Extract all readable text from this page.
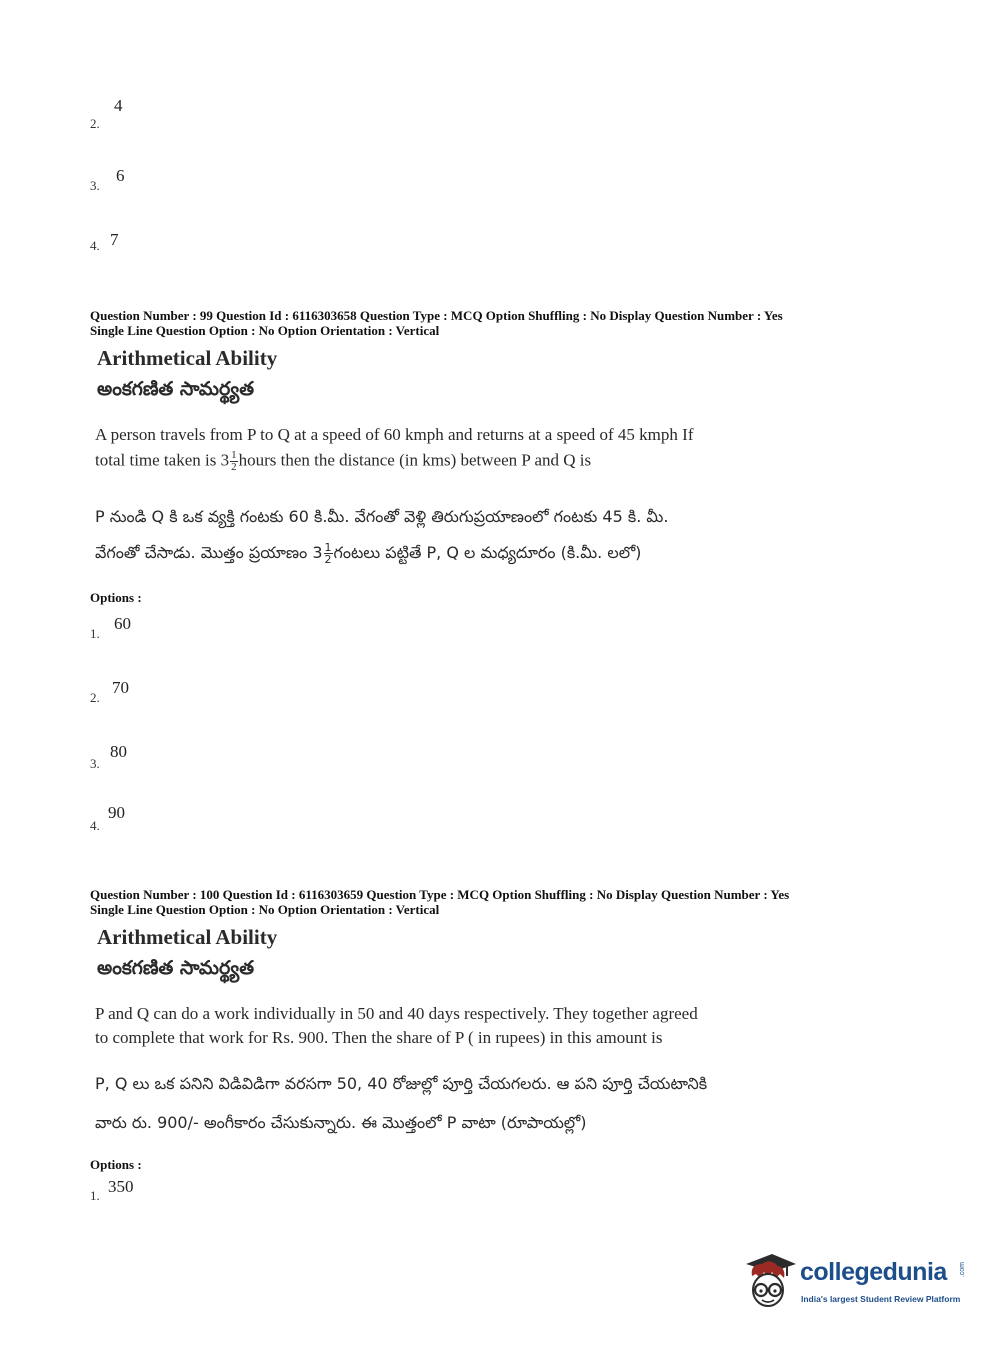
2.
4
3.
6
4. 7
Question Number : 99 Question Id : 6116303658 Question Type : MCQ Option Shuffling : No Display Question Number : Yes
Single Line Question Option : No Option Orientation : Vertical
Arithmetical Ability
అంకగణిత సామర్థ్యత
A person travels from P to Q at a speed of 60 kmph and returns at a speed of 45 kmph If
total time taken is $3 \frac{1}{2}$ hours then the distance (in kms) between P and Q is
P నుండి Q కి ఒక వ్యక్తి గంటకు 60 కి.మీ. వేగంతో వెళ్లి తిరుగుప్రయాణంలో గంటకు 45 కి. మీ.
వేగంతో చేసాడు. మొత్తం ప్రయాణం $3 \frac{1}{2}$ గంటలు పట్టితే P, Q ల మధ్యదూరం (కి.మీ. లలో)
Options :
1.
60
2.
70
3.
80
4.
90
Question Number : 100 Question Id : 6116303659 Question Type : MCQ Option Shuffling : No Display Question Number : Yes
Single Line Question Option : No Option Orientation : Vertical
Arithmetical Ability
అంకగణిత సామర్థ్యత
P and Q can do a work individually in 50 and 40 days respectively. They together agreed
to complete that work for Rs. 900. Then the share of P ( in rupees) in this amount is
P, Q లు ఒక పనిని విడివిడిగా వరసగా 50, 40 రోజుల్లో పూర్తి చేయగలరు. ఆ పని పూర్తి చేయటానికి
వారు రు. 900/- అంగీకారం చేసుకున్నారు. ఈ మొత్తంలో P వాటా (రూపాయల్లో)
Options :
1. 350
collegedunia .com
India's largest Student Review Platform
